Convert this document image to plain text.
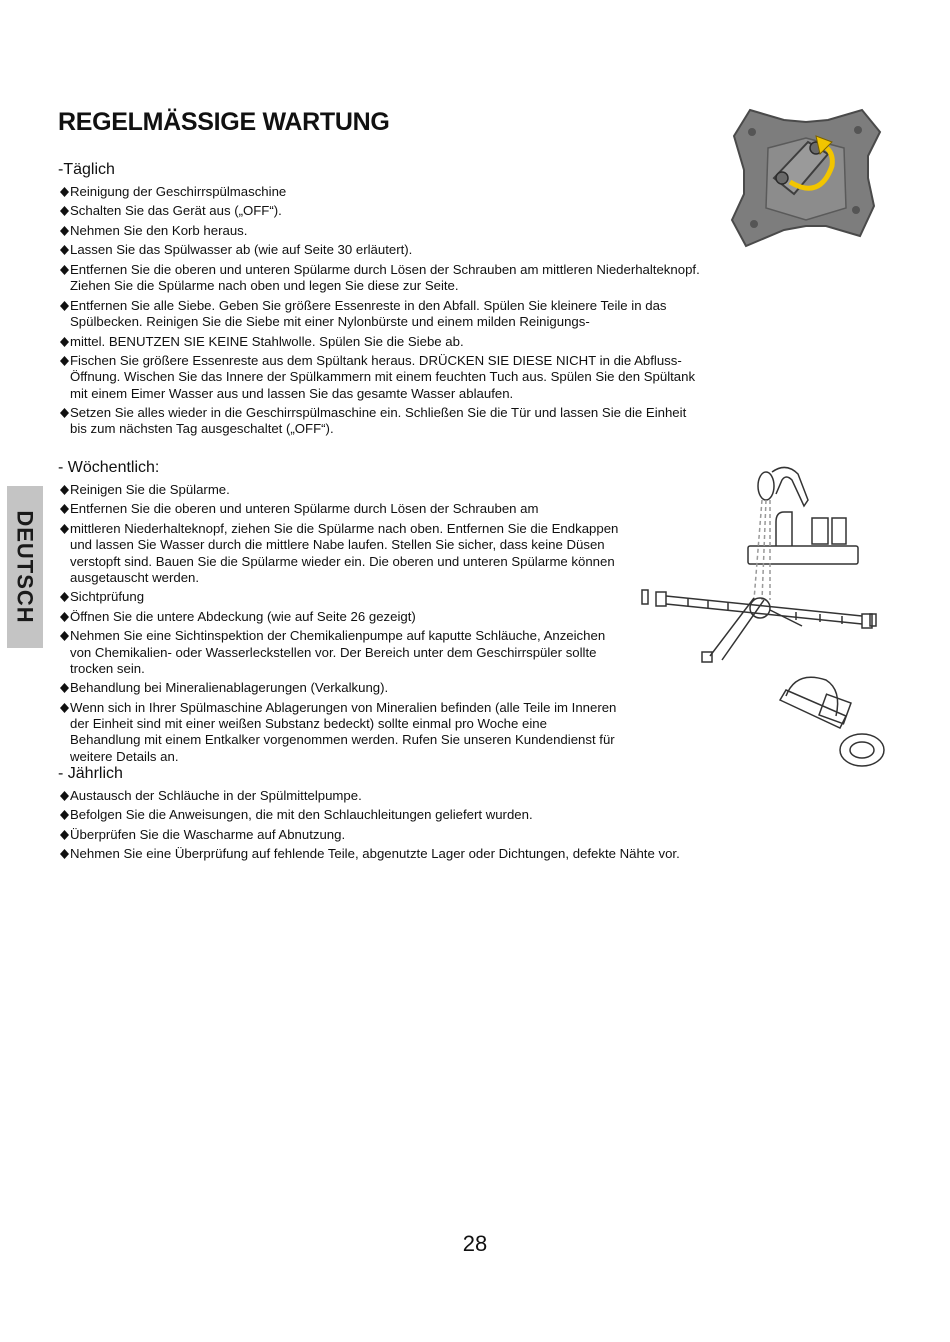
REGELMÄSSIGE WARTUNG
-Täglich
Reinigung der Geschirrspülmaschine
Schalten Sie das Gerät aus („OFF“).
Nehmen Sie den Korb heraus.
Lassen Sie das Spülwasser ab (wie auf Seite 30 erläutert).
Entfernen Sie die oberen und unteren Spülarme durch Lösen der Schrauben am mittleren Niederhalteknopf. Ziehen Sie die Spülarme nach oben und legen Sie diese zur Seite.
Entfernen Sie alle Siebe. Geben Sie größere Essenreste in den Abfall. Spülen Sie kleinere Teile in das Spülbecken. Reinigen Sie die Siebe mit einer Nylonbürste und einem milden Reinigungs-
mittel. BENUTZEN SIE KEINE Stahlwolle. Spülen Sie die Siebe ab.
Fischen Sie größere Essenreste aus dem Spültank heraus. DRÜCKEN SIE DIESE NICHT in die Abfluss-Öffnung. Wischen Sie das Innere der Spülkammern mit einem feuchten Tuch aus. Spülen Sie den Spültank mit einem Eimer Wasser aus und lassen Sie das gesamte Wasser ablaufen.
Setzen Sie alles wieder in die Geschirrspülmaschine ein. Schließen Sie die Tür und lassen Sie die Einheit bis zum nächsten Tag ausgeschaltet („OFF“).
- Wöchentlich:
Reinigen Sie die Spülarme.
Entfernen Sie die oberen und unteren Spülarme durch Lösen der Schrauben am
mittleren Niederhalteknopf, ziehen Sie die Spülarme nach oben. Entfernen Sie die Endkappen und lassen Sie Wasser durch die mittlere Nabe laufen. Stellen Sie sicher, dass keine Düsen verstopft sind. Bauen Sie die Spülarme wieder ein. Die oberen und unteren Spülarme können ausgetauscht werden.
Sichtprüfung
Öffnen Sie die untere Abdeckung (wie auf Seite 26 gezeigt)
Nehmen Sie eine Sichtinspektion der Chemikalienpumpe auf kaputte Schläuche, Anzeichen von Chemikalien- oder Wasserleckstellen vor. Der Bereich unter dem Geschirrspüler sollte trocken sein.
Behandlung bei Mineralienablagerungen (Verkalkung).
Wenn sich in Ihrer Spülmaschine Ablagerungen von Mineralien befinden (alle Teile im Inneren der Einheit sind mit einer weißen Substanz bedeckt) sollte einmal pro Woche eine Behandlung mit einem Entkalker vorgenommen werden. Rufen Sie unseren Kundendienst für weitere Details an.
- Jährlich
Austausch der Schläuche in der Spülmittelpumpe.
Befolgen Sie die Anweisungen, die mit den Schlauchleitungen geliefert wurden.
Überprüfen Sie die Wascharme auf Abnutzung.
Nehmen Sie eine Überprüfung auf fehlende Teile, abgenutzte Lager oder Dichtungen, defekte Nähte vor.
DEUTSCH
28
